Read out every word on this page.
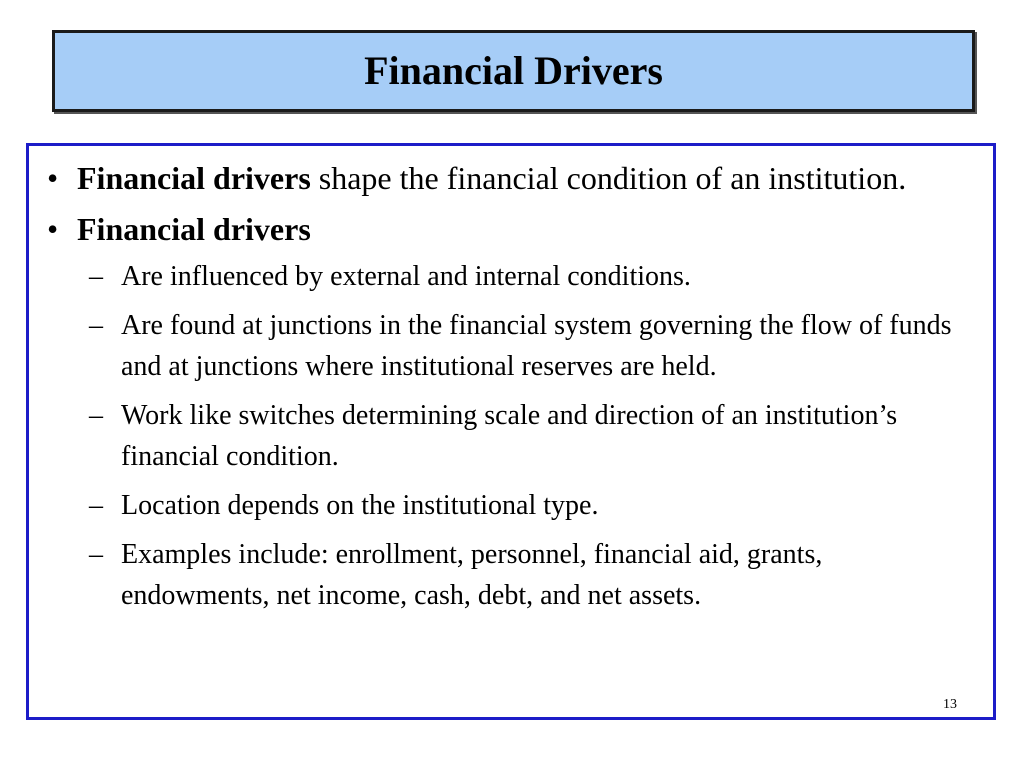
Financial Drivers
• Financial drivers shape the financial condition of an institution.
• Financial drivers
– Are influenced by external and internal conditions.
– Are found at junctions in the financial system governing the flow of funds and at junctions where institutional reserves are held.
– Work like switches determining scale and direction of an institution’s financial condition.
– Location depends on the institutional type.
– Examples include: enrollment, personnel, financial aid, grants, endowments, net income, cash, debt, and net assets.
13
